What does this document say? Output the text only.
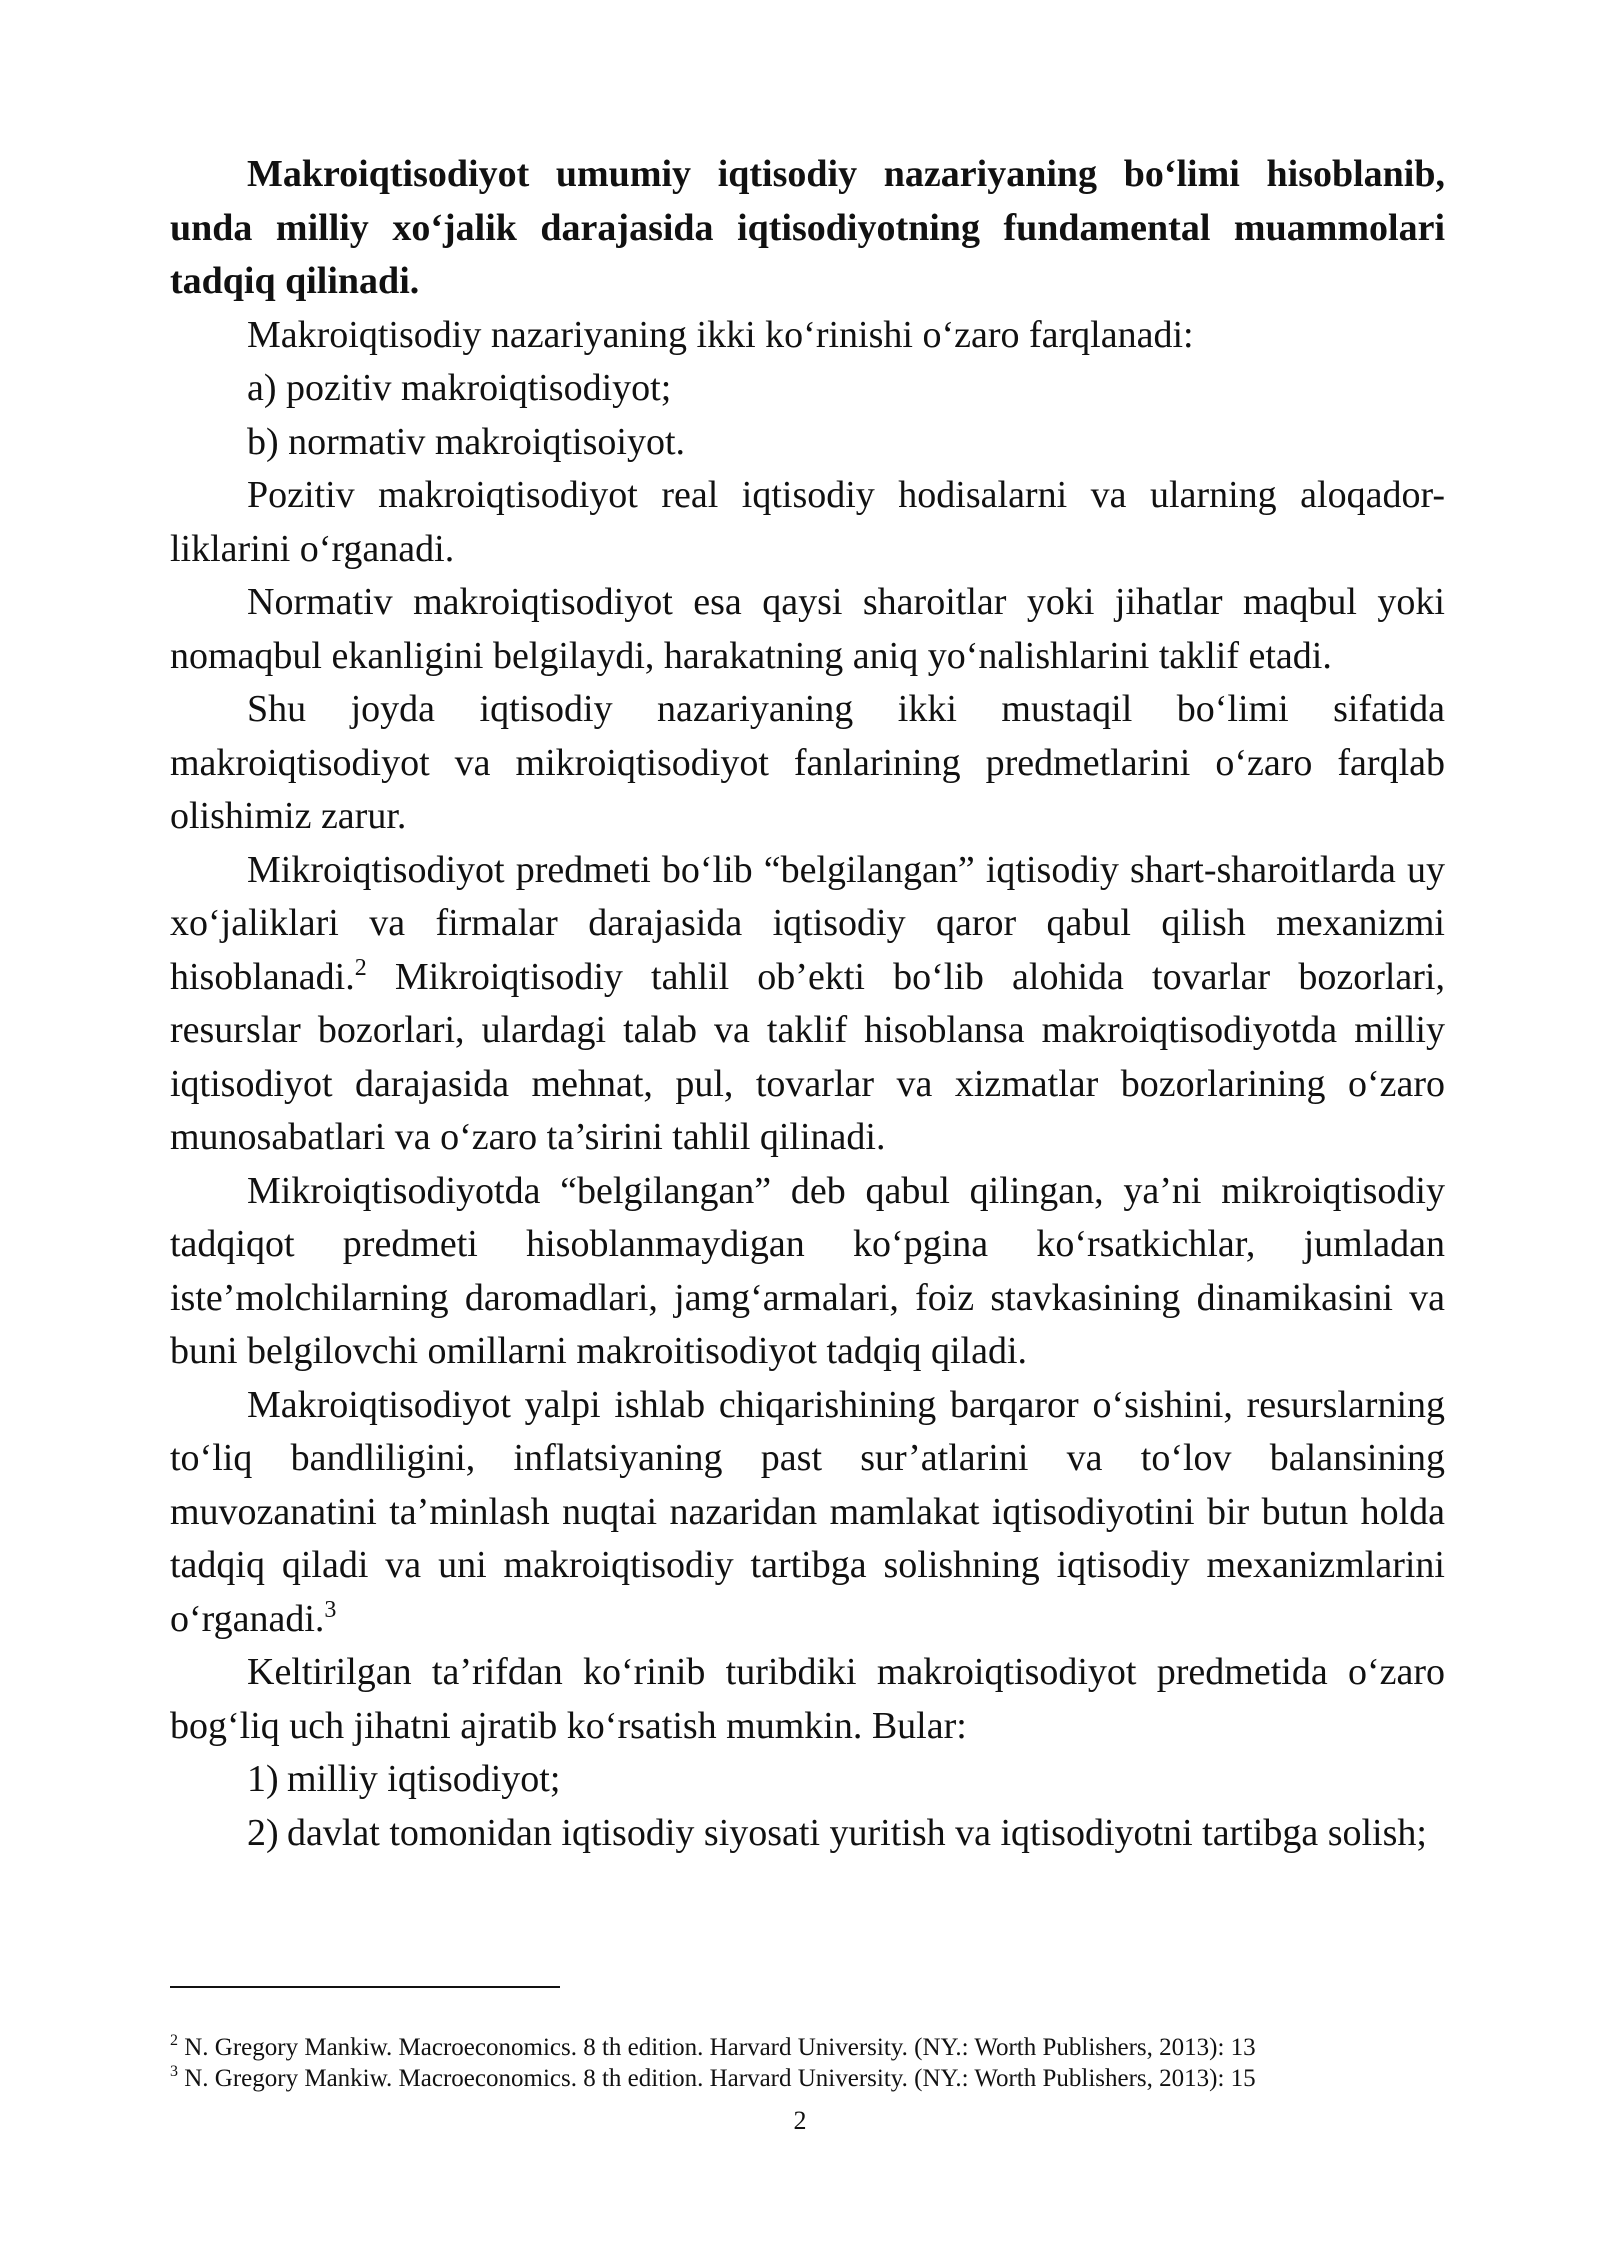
Makroiqtisodiyot umumiy iqtisodiy nazariyaning bo‘limi hisoblanib, unda milliy xo‘jalik darajasida iqtisodiyotning fundamental muammolari tadqiq qilinadi.

Makroiqtisodiy nazariyaning ikki ko‘rinishi o‘zaro farqlanadi:

a) pozitiv makroiqtisodiyot;

b) normativ makroiqtisoiyot.

Pozitiv makroiqtisodiyot real iqtisodiy hodisalarni va ularning aloqador-liklarini o‘rganadi.

Normativ makroiqtisodiyot esa qaysi sharoitlar yoki jihatlar maqbul yoki nomaqbul ekanligini belgilaydi, harakatning aniq yo‘nalishlarini taklif etadi.

Shu joyda iqtisodiy nazariyaning ikki mustaqil bo‘limi sifatida makroiqtisodiyot va mikroiqtisodiyot fanlarining predmetlarini o‘zaro farqlab olishimiz zarur.

Mikroiqtisodiyot predmeti bo‘lib “belgilangan” iqtisodiy shart-sharoitlarda uy xo‘jaliklari va firmalar darajasida iqtisodiy qaror qabul qilish mexanizmi hisoblanadi.$^2$ Mikroiqtisodiy tahlil ob’ekti bo‘lib alohida tovarlar bozorlari, resurslar bozorlari, ulardagi talab va taklif hisoblansa makroiqtisodiyotda milliy iqtisodiyot darajasida mehnat, pul, tovarlar va xizmatlar bozorlarining o‘zaro munosabatlari va o‘zaro ta’sirini tahlil qilinadi.

Mikroiqtisodiyotda “belgilangan” deb qabul qilingan, ya’ni mikroiqtisodiy tadqiqot predmeti hisoblanmaydigan ko‘pgina ko‘rsatkichlar, jumladan iste’molchilarning daromadlari, jamg‘armalari, foiz stavkasining dinamikasini va buni belgilovchi omillarni makroitisodiyot tadqiq qiladi.

Makroiqtisodiyot yalpi ishlab chiqarishining barqaror o‘sishini, resurslarning to‘liq bandliligini, inflatsiyaning past sur’atlarini va to‘lov balansining muvozanatini ta’minlash nuqtai nazaridan mamlakat iqtisodiyotini bir butun holda tadqiq qiladi va uni makroiqtisodiy tartibga solishning iqtisodiy mexanizmlarini o‘rganadi.$^3$

Keltirilgan ta’rifdan ko‘rinib turibdiki makroiqtisodiyot predmetida o‘zaro bog‘liq uch jihatni ajratib ko‘rsatish mumkin. Bular:

1) milliy iqtisodiyot;

2) davlat tomonidan iqtisodiy siyosati yuritish va iqtisodiyotni tartibga solish;

$^2$ N. Gregory Mankiw. Macroeconomics. 8 th edition. Harvard University. (NY.: Worth Publishers, 2013): 13

$^3$ N. Gregory Mankiw. Macroeconomics. 8 th edition. Harvard University. (NY.: Worth Publishers, 2013): 15

2
